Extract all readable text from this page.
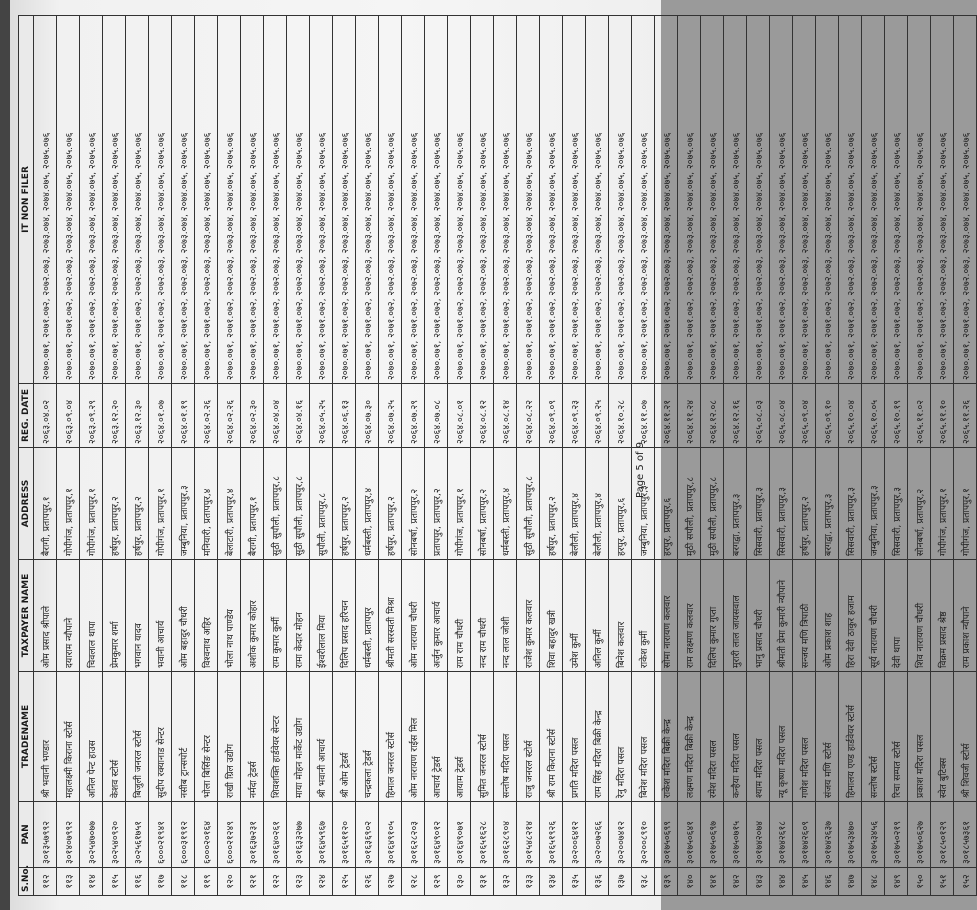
S.No.	PAN	TRADENAME	TAXPAYER NAME	ADDRESS	REG. DATE	IT NON FILER
११२	३०१३५७९९२	श्री भवानी भण्डार	ओम प्रसाद श्रीपाले	बैरागी, प्रतापपुर,१	२०६३.०४.०२	२०७०.०७१, २०७१.०७२, २०७२.०७३, २०७३.०७४, २०७४.०७५, २०७५.०७६
११३	३०१४०७९९२	महालक्ष्मी किराना स्टोर्स	दयाराम न्यौपाने	गोपीगंज, प्रतापपुर,१	२०६३.०९.०४	२०७०.०७१, २०७१.०७२, २०७२.०७३, २०७३.०७४, २०७४.०७५, २०७५.०७६
११४	३०२५४७०७७	अनिल पेन्ट हाउस	चिवलाल थापा	गोपीगंज, प्रतापपुर,१	२०६३.०९.२९	२०७०.०७१, २०७१.०७२, २०७२.०७३, २०७३.०७४, २०७४.०७५, २०७५.०७६
११५	३०२५४०९२०	केशव स्टोर्स	प्रेमकुमार शर्मा	हर्षपुर, प्रतापपुर,२	२०६३.१२.२०	२०७०.०७१, २०७१.०७२, २०७२.०७३, २०७३.०७४, २०७४.०७५, २०७५.०७६
११६	३०२५६१७५१	बिजुली जनरल स्टोर्स	भगवान यादव	हर्षपुर, प्रतापपुर,२	२०६३.१२.३०	२०७०.०७१, २०७१.०७२, २०७२.०७३, २०७३.०७४, २०७४.०७५, २०७५.०७६
११७	६०००२१९४१	सुदीप रक्यानाड सेन्टर	भवानी आचार्य	गोपीगंज, प्रतापपुर,१	२०६४.०१.०७	२०७०.०७१, २०७१.०७२, २०७२.०७३, २०७३.०७४, २०७४.०७५, २०७५.०७६
११८	६०००३१९१२	नसीब ट्रान्सपोर्ट	ओम बहादुर चौधरी	जम्बुनिया, प्रतापपुर,३	२०६४.०१.१९	२०७०.०७१, २०७१.०७२, २०७२.०७३, २०७३.०७४, २०७४.०७५, २०७५.०७६
११९	६०००२०१६४	भोला बिर्सिङ सेन्टर	विश्वनाथ अहिर	मनियारी, प्रतापपुर,४	२०६४.०२.२६	२०७०.०७१, २०७१.०७२, २०७२.०७३, २०७३.०७४, २०७४.०७५, २०७५.०७६
१२०	६०००२१२४९	राखी ग्रिल उद्योग	भोला नाथ पाण्डेय	बेलाटारी, प्रतापपुर,४	२०६४.०२.२६	२०७०.०७१, २०७१.०७२, २०७२.०७३, २०७३.०७४, २०७४.०७५, २०७५.०७६
१२१	३०१६३७२३१	नर्मदा ट्रेडर्स	अशोक कुमार कोहार	बैरागी, प्रतापपुर,१	२०६४.०२.३०	२०७०.०७१, २०७१.०७२, २०७२.०७३, २०७३.०७४, २०७४.०७५, २०७५.०७६
१२२	३०१६४०२६१	शिवशक्ति हार्डवेयर सेन्टर	राम कुमार कुर्मी	सुठी सुपौली, प्रतापपुर,८	२०६४.०४.०४	२०७०.०७१, २०७१.०७२, २०७२.०७३, २०७३.०७४, २०७४.०७५, २०७५.०७६
१२३	३०१६३३२७७	माया मोहन मार्केट उद्योग	रामा केदार मोहन	सुठी सुपौली, प्रतापपुर,८	२०६४.०४.१६	२०७०.०७१, २०७१.०७२, २०७२.०७३, २०७३.०७४, २०७४.०७५, २०७५.०७६
१२४	३०१६४५९६७	श्री भवानी आचार्य	ईश्वरीलाल मिया	सुपौली, प्रतापपुर,८	२०६४.०५.२५	२०७०.०७१, २०७१.०७२, २०७२.०७३, २०७३.०७४, २०७४.०७५, २०७५.०७६
१२५	३०१६५११२०	श्री ओम ट्रेडर्स	दिलिप प्रसाद हरिचन	हर्षपुर, प्रतापपुर,२	२०६४.०६.१३	२०७०.०७१, २०७१.०७२, २०७२.०७३, २०७३.०७४, २०७४.०७५, २०७५.०७६
१२६	३०१६३६९०२	चन्द्रकला ट्रेडर्स	धर्मबस्ती, प्रतापपुर	धर्मबस्ती, प्रतापपुर,४	२०६४.०७.३०	२०७०.०७१, २०७१.०७२, २०७२.०७३, २०७३.०७४, २०७४.०७५, २०७५.०७६
१२७	३०१६४९१०५	हिमाल जनरल स्टोर्स	श्रीमती सरस्वती मिश्रा	हर्षपुर, प्रतापपुर,२	२०६४.०७.२५	२०७०.०७१, २०७१.०७२, २०७२.०७३, २०७३.०७४, २०७४.०७५, २०७५.०७६
१२८	३०१६२८२०३	ओम नारायण राईस मिल	ओम नारायण चौधरी	सोनबर्षा, प्रतापपुर,२	२०६४.०७.२९	२०७०.०७१, २०७१.०७२, २०७२.०७३, २०७३.०७४, २०७४.०७५, २०७५.०७६
१२९	३०१६४९०१२	आचार्य ट्रेडर्स	अर्जुन कुमार आचार्य	प्रतापपुर, प्रतापपुर,२	२०६४.०७.०८	२०७०.०७१, २०७१.०७२, २०७२.०७३, २०७३.०७४, २०७४.०७५, २०७५.०७६
१३०	३०१६४९०७१	आयाम ट्रेडर्स	राम राम चौधरी	गोपीगंज, प्रतापपुर,१	२०६४.०८.०१	२०७०.०७१, २०७१.०७२, २०७२.०७३, २०७३.०७४, २०७४.०७५, २०७५.०७६
१३१	३०१६५१६२८	सुमित जनरल स्टोर्स	नन्द राम चौधरी	सोनबर्षा, प्रतापपुर,२	२०६४.०८.१२	२०७०.०७१, २०७१.०७२, २०७२.०७३, २०७३.०७४, २०७४.०७५, २०७५.०७६
१३२	३०१६२८९०४	सन्तोष मदिरा पसल	नन्द लाल जोशी	धर्मबस्ती, प्रतापपुर,४	२०६४.०८.१४	२०७०.०७१, २०७१.०७२, २०७२.०७३, २०७३.०७४, २०७४.०७५, २०७५.०७६
१३३	३०१५४८२१४	राजु जनरल स्टोर्स	राजेश कुमार कलवार	सुठी सुपौली, प्रतापपुर,८	२०६४.०८.२२	२०७०.०७१, २०७१.०७२, २०७२.०७३, २०७३.०७४, २०७४.०७५, २०७५.०७६
१३४	३०१६५१९२६	श्री राम किराना स्टोर्स	शिवा बहादुर खत्री	हर्षपुर, प्रतापपुर,२	२०६४.०९.०९	२०७०.०७१, २०७१.०७२, २०७२.०७३, २०७३.०७४, २०७४.०७५, २०७५.०७६
१३५	३०२००६४१२	प्रगति मदिरा पसल	उमेश कुर्मी	बेलौली, प्रतापपुर,४	२०६४.०९.२३	२०७०.०७१, २०७१.०७२, २०७२.०७३, २०७३.०७४, २०७४.०७५, २०७५.०७६
१३६	३०२००७२६६	राम सिंह मदिरा बिक्री केन्द्र	अनिल कुर्मी	बेलौली, प्रतापपुर,४	२०६४.०९.२५	२०७०.०७१, २०७१.०७२, २०७२.०७३, २०७३.०७४, २०७४.०७५, २०७५.०७६
१३७	३०२००७४१२	रेनु मदिरा पसल	बिनेश कलवार	हरपुर, प्रतापपुर,६	२०६४.१०.२८	२०७०.०७१, २०७१.०७२, २०७२.०७३, २०७३.०७४, २०७४.०७५, २०७५.०७६
१३८	३०२००८९१०	बिनेश मदिरा पसल	राकेश कुर्मी	जम्बुनिया, प्रतापपुर,३	२०६४.११.०७	२०७०.०७१, २०७१.०७२, २०७२.०७३, २०७३.०७४, २०७४.०७५, २०७५.०७६
१३९	३०१७५०६९९	राकेश मदिरा बिक्री केन्द्र	सोमा नारायण कलवार	हरपुर, प्रतापपुर,६	२०६४.११.२१	२०७०.०७१, २०७१.०७२, २०७२.०७३, २०७३.०७४, २०७४.०७५, २०७५.०७६
१४०	३०१७५०६४१	लक्ष्मण मदिरा बिक्री केन्द्र	राम लक्ष्मण कलवार	मुठी सपौली, प्रतापपुर,८	२०६४.११.२४	२०७०.०७१, २०७१.०७२, २०७२.०७३, २०७३.०७४, २०७४.०७५, २०७५.०७६
१४१	३०१७५०६९७	रमेश मदिरा पसल	दिलिप कुमार गुप्ता	मुठी सपौली, प्रतापपुर,८	२०६४.१२.०८	२०७०.०७१, २०७१.०७२, २०७२.०७३, २०७३.०७४, २०७४.०७५, २०७५.०७६
१४२	३०१७५०७१५	कन्हैया मदिरा पसल	मुरारी लाल जायसवाल	बरगद्वा, प्रतापपुर,३	२०६४.१२.१६	२०७०.०७१, २०७१.०७२, २०७२.०७३, २०७३.०७४, २०७४.०७५, २०७५.०७६
१४३	३०१७४२०७४	श्याम मदिरा पसल	भानु प्रसाद चौधरी	सिसवारी, प्रतापपुर,३	२०६५.०८.०३	२०७०.०७१, २०७१.०७२, २०७२.०७३, २०७३.०७४, २०७४.०७५, २०७५.०७६
१४४	३०१७४२६१८	न्यू कृष्णा मदिरा पसल	श्रीमती प्रेमा कुमारी न्यौपाने	सिसवारी, प्रतापपुर,३	२०६५.०८.०४	२०७०.०७१, २०७१.०७२, २०७२.०७३, २०७३.०७४, २०७४.०७५, २०७५.०७६
१४५	३०१७४२६०९	गणेश मदिरा पसल	सन्जय मणि त्रिपाठी	हर्षपुर, प्रतापपुर,२	२०६५.०९.०४	२०७०.०७१, २०७१.०७२, २०७२.०७३, २०७३.०७४, २०७४.०७५, २०७५.०७६
१४६	३०१७४२६३७	संजय मणि स्टोर्स	ओम प्रकाश शाह	बरगद्वा, प्रतापपुर,३	२०६५.०९.१०	२०७०.०७१, २०७१.०७२, २०७२.०७३, २०७३.०७४, २०७४.०७५, २०७५.०७६
१४७	३०१७५३४७०	हिमालय एण्ड हार्डवेयर स्टोर्स	हिरा देवी ठाकुर हजाम	सिसवारी, प्रतापपुर,३	२०६५.१०.०४	२०७०.०७१, २०७१.०७२, २०७२.०७३, २०७३.०७४, २०७४.०७५, २०७५.०७६
१४८	३०१७५३४५६	सन्तोष स्टोर्स	सूर्य नारायण चौधरी	जम्बुनिया, प्रतापपुर,३	२०६५.१०.०५	२०७०.०७१, २०७१.०७२, २०७२.०७३, २०७३.०७४, २०७४.०७५, २०७५.०७६
१४९	३०१७५०२१९	रिचा सम्पत स्टोर्स	देवी थापा	सिसवारी, प्रतापपुर,३	२०६५.१०.१९	२०७०.०७१, २०७१.०७२, २०७२.०७३, २०७३.०७४, २०७४.०७५, २०७५.०७६
१५०	३०१७५०६२७	प्रकाश मदिरा पसल	शिव नारायण चौधरी	सोनबर्षा, प्रतापपुर,२	२०६५.११.०२	२०७०.०७१, २०७१.०७२, २०७२.०७३, २०७३.०७४, २०७४.०७५, २०७५.०७६
१५१	३०१८५०१२९	स्वेत बुटिक्स	विक्रम प्रसाद श्रेष्ठ	गोपीगंज, प्रतापपुर,१	२०६५.११.१०	२०७०.०७१, २०७१.०७२, २०७२.०७३, २०७३.०७४, २०७४.०७५, २०७५.०७६
१५२	३०१८५७३६१	श्री शिवजी स्टोर्स	राम प्रकाश न्यौपाने	गोपीगंज, प्रतापपुर,१	२०६५.११.२६	२०७०.०७१, २०७१.०७२, २०७२.०७३, २०७३.०७४, २०७४.०७५, २०७५.०७६
Page 5 of 9
